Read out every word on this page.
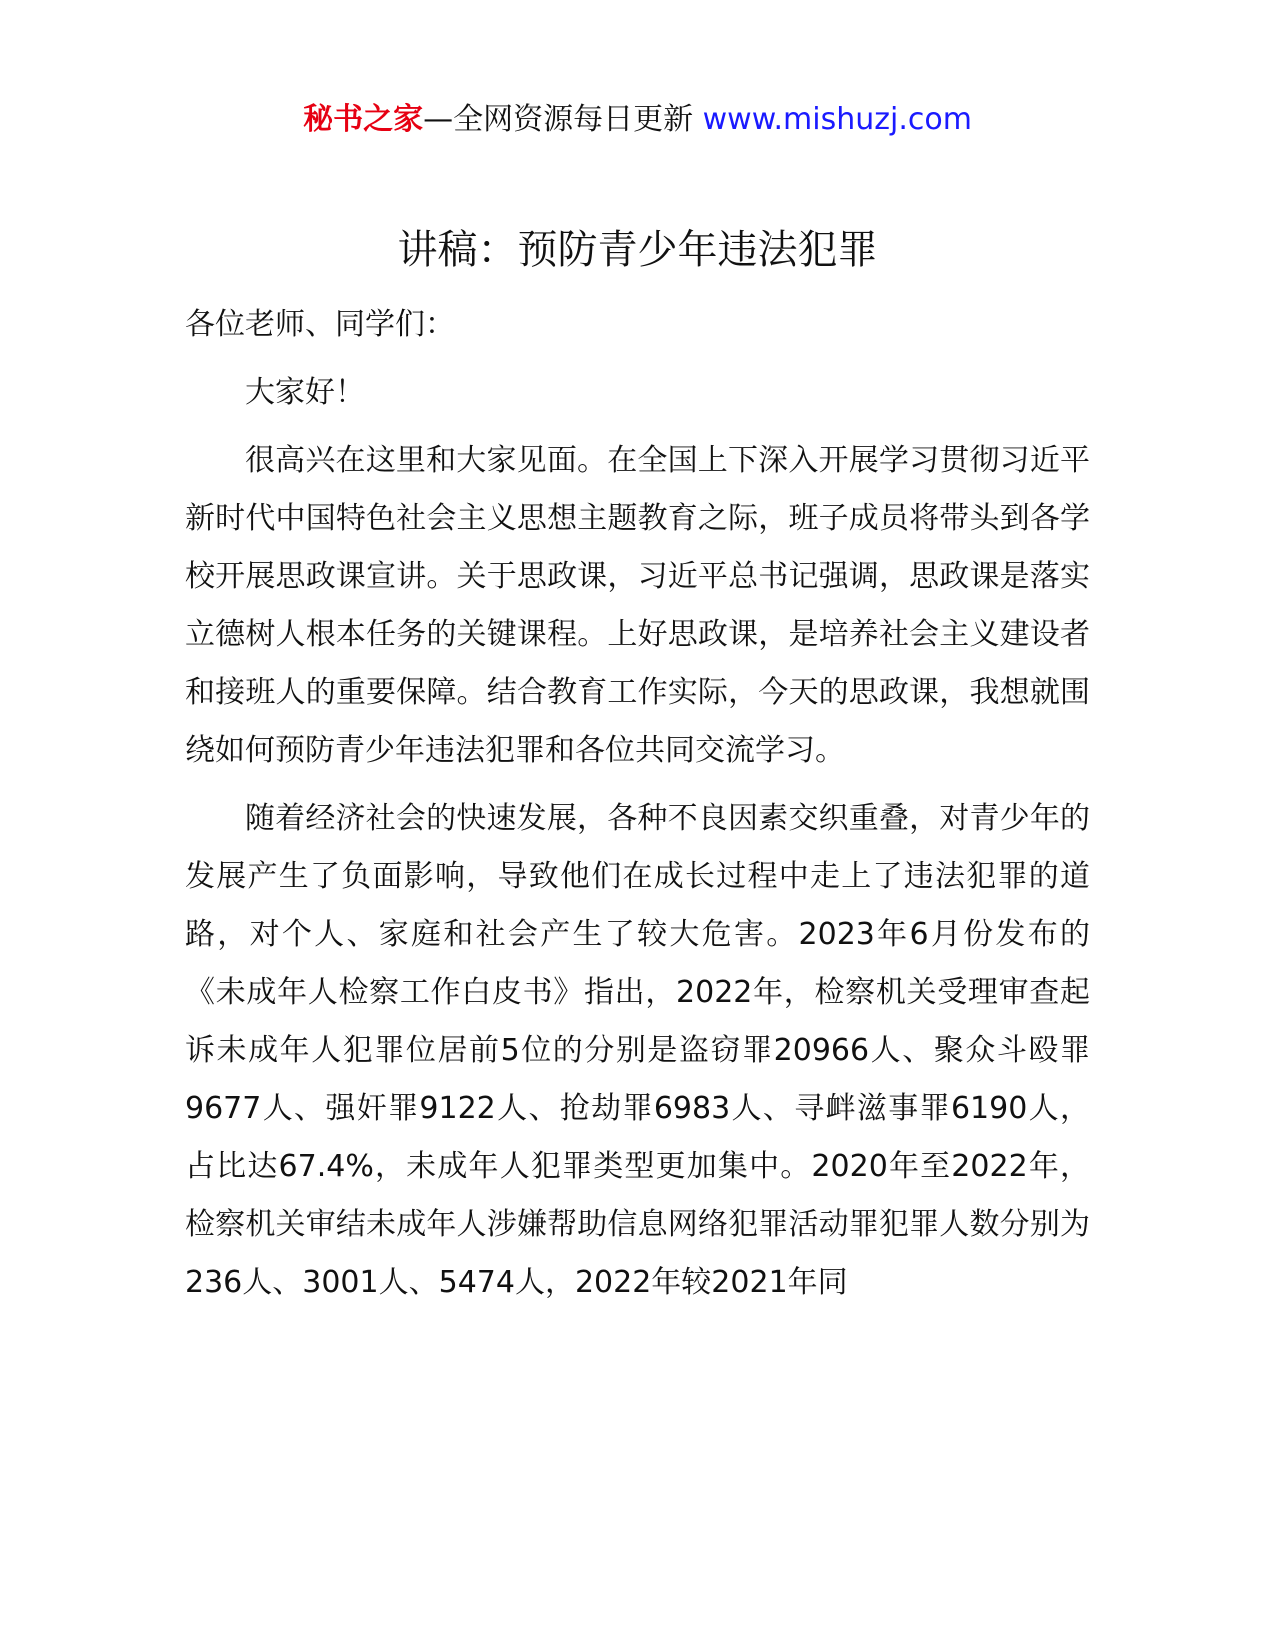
秘书之家—全网资源每日更新 www.mishuzj.com
讲稿：预防青少年违法犯罪

各位老师、同学们：

大家好！

很高兴在这里和大家见面。在全国上下深入开展学习贯彻习近平新时代中国特色社会主义思想主题教育之际，班子成员将带头到各学校开展思政课宣讲。关于思政课，习近平总书记强调，思政课是落实立德树人根本任务的关键课程。上好思政课，是培养社会主义建设者和接班人的重要保障。结合教育工作实际，今天的思政课，我想就围绕如何预防青少年违法犯罪和各位共同交流学习。

随着经济社会的快速发展，各种不良因素交织重叠，对青少年的发展产生了负面影响，导致他们在成长过程中走上了违法犯罪的道路，对个人、家庭和社会产生了较大危害。2023年6月份发布的《未成年人检察工作白皮书》指出，2022年，检察机关受理审查起诉未成年人犯罪位居前5位的分别是盗窃罪20966人、聚众斗殴罪9677人、强奸罪9122人、抢劫罪6983人、寻衅滋事罪6190人，占比达67.4%，未成年人犯罪类型更加集中。2020年至2022年，检察机关审结未成年人涉嫌帮助信息网络犯罪活动罪犯罪人数分别为236人、3001人、5474人，2022年较2021年同
